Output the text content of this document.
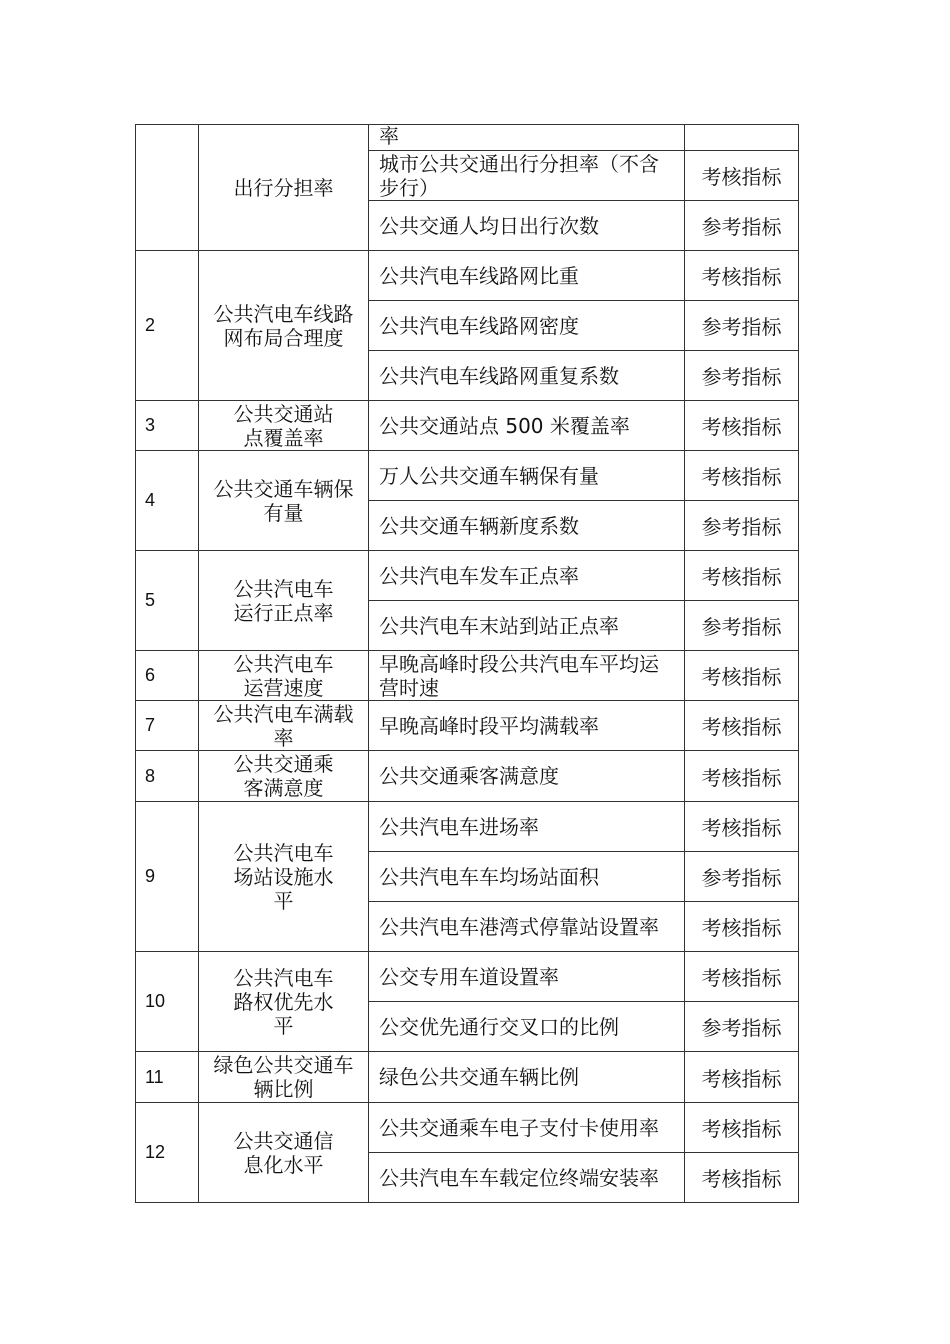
	出行分担率	率	
		城市公共交通出行分担率（不含步行）	考核指标
		公共交通人均日出行次数	参考指标
2	公共汽电车线路网布局合理度	公共汽电车线路网比重	考核指标
		公共汽电车线路网密度	参考指标
		公共汽电车线路网重复系数	参考指标
3	公共交通站点覆盖率	公共交通站点 500 米覆盖率	考核指标
4	公共交通车辆保有量	万人公共交通车辆保有量	考核指标
		公共交通车辆新度系数	参考指标
5	公共汽电车运行正点率	公共汽电车发车正点率	考核指标
		公共汽电车末站到站正点率	参考指标
6	公共汽电车运营速度	早晚高峰时段公共汽电车平均运营时速	考核指标
7	公共汽电车满载率	早晚高峰时段平均满载率	考核指标
8	公共交通乘客满意度	公共交通乘客满意度	考核指标
9	公共汽电车场站设施水平	公共汽电车进场率	考核指标
		公共汽电车车均场站面积	参考指标
		公共汽电车港湾式停靠站设置率	考核指标
10	公共汽电车路权优先水平	公交专用车道设置率	考核指标
		公交优先通行交叉口的比例	参考指标
11	绿色公共交通车辆比例	绿色公共交通车辆比例	考核指标
12	公共交通信息化水平	公共交通乘车电子支付卡使用率	考核指标
		公共汽电车车载定位终端安装率	考核指标
